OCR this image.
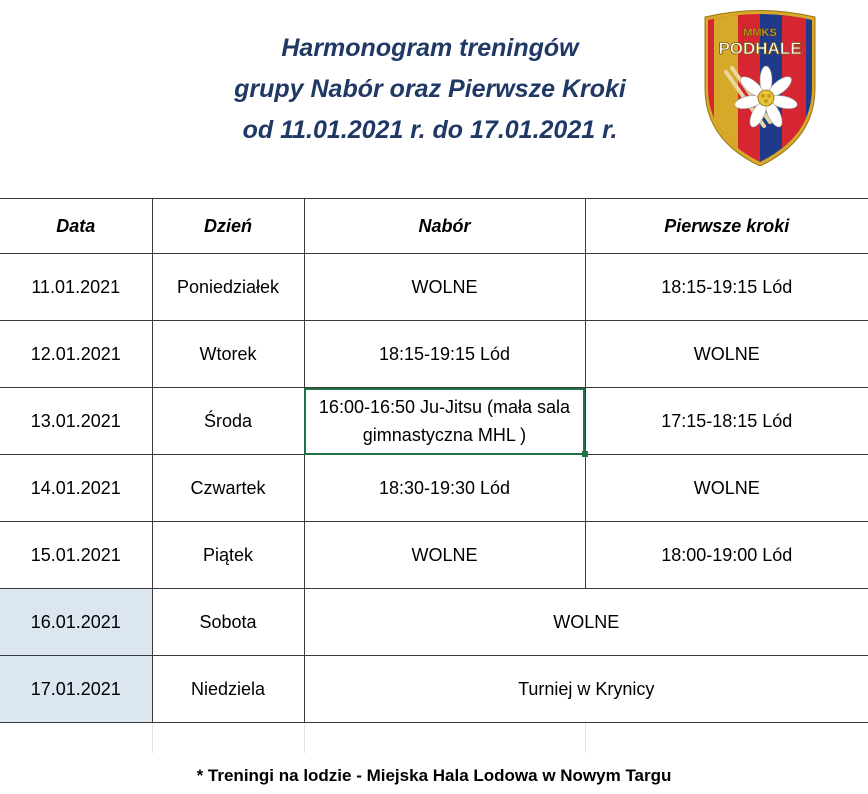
Harmonogram treningów
grupy Nabór oraz Pierwsze Kroki
od 11.01.2021 r. do 17.01.2021 r.
MMKS
PODHALE
Data	Dzień	Nabór	Pierwsze kroki
11.01.2021	Poniedziałek	WOLNE	18:15-19:15 Lód
12.01.2021	Wtorek	18:15-19:15 Lód	WOLNE
13.01.2021	Środa	16:00-16:50 Ju-Jitsu (mała sala gimnastyczna MHL )	17:15-18:15 Lód
14.01.2021	Czwartek	18:30-19:30 Lód	WOLNE
15.01.2021	Piątek	WOLNE	18:00-19:00 Lód
16.01.2021	Sobota	WOLNE	
17.01.2021	Niedziela	Turniej w Krynicy	

* Treningi na lodzie - Miejska Hala Lodowa w Nowym Targu
